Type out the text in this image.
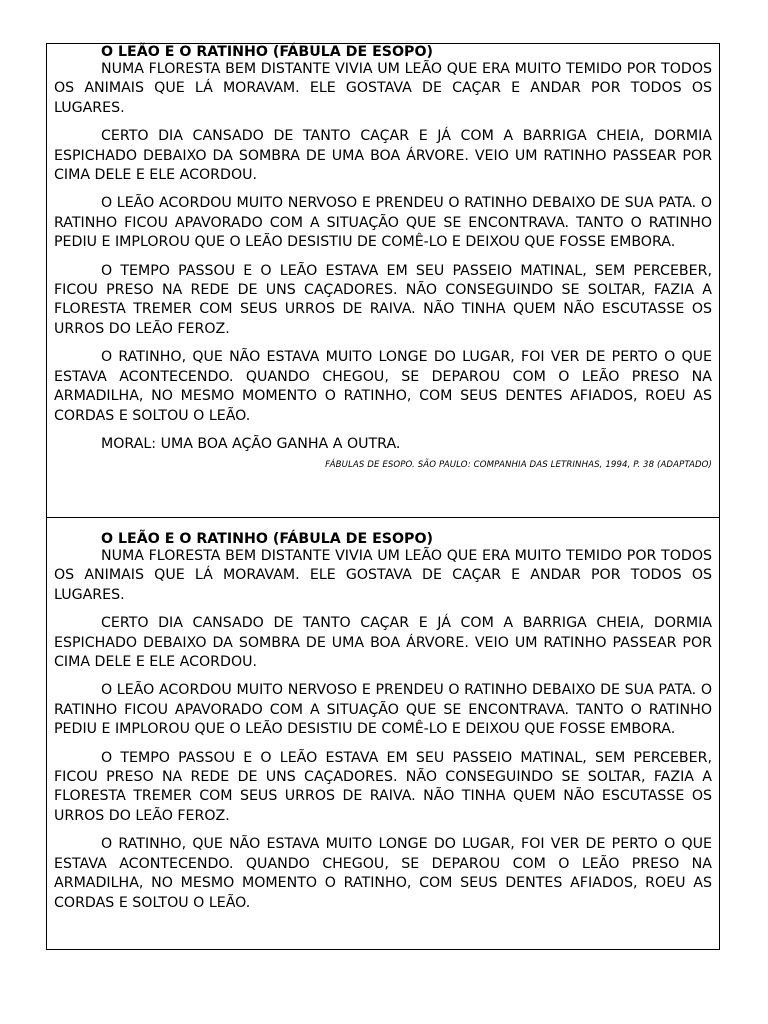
O LEÃO E O RATINHO (FÁBULA DE ESOPO)

NUMA FLORESTA BEM DISTANTE VIVIA UM LEÃO QUE ERA MUITO TEMIDO POR TODOS OS ANIMAIS QUE LÁ MORAVAM. ELE GOSTAVA DE CAÇAR E ANDAR POR TODOS OS LUGARES.

CERTO DIA CANSADO DE TANTO CAÇAR E JÁ COM A BARRIGA CHEIA, DORMIA ESPICHADO DEBAIXO DA SOMBRA DE UMA BOA ÁRVORE. VEIO UM RATINHO PASSEAR POR CIMA DELE E ELE ACORDOU.

O LEÃO ACORDOU MUITO NERVOSO E PRENDEU O RATINHO DEBAIXO DE SUA PATA. O RATINHO FICOU APAVORADO COM A SITUAÇÃO QUE SE ENCONTRAVA. TANTO O RATINHO PEDIU E IMPLOROU QUE O LEÃO DESISTIU DE COMÊ-LO E DEIXOU QUE FOSSE EMBORA.

O TEMPO PASSOU E O LEÃO ESTAVA EM SEU PASSEIO MATINAL, SEM PERCEBER, FICOU PRESO NA REDE DE UNS CAÇADORES. NÃO CONSEGUINDO SE SOLTAR, FAZIA A FLORESTA TREMER COM SEUS URROS DE RAIVA. NÃO TINHA QUEM NÃO ESCUTASSE OS URROS DO LEÃO FEROZ.

O RATINHO, QUE NÃO ESTAVA MUITO LONGE DO LUGAR, FOI VER DE PERTO O QUE ESTAVA ACONTECENDO. QUANDO CHEGOU, SE DEPAROU COM O LEÃO PRESO NA ARMADILHA, NO MESMO MOMENTO O RATINHO, COM SEUS DENTES AFIADOS, ROEU AS CORDAS E SOLTOU O LEÃO.

MORAL: UMA BOA AÇÃO GANHA A OUTRA.

FÁBULAS DE ESOPO. SÃO PAULO: COMPANHIA DAS LETRINHAS, 1994, P. 38 (ADAPTADO)

O LEÃO E O RATINHO (FÁBULA DE ESOPO)

NUMA FLORESTA BEM DISTANTE VIVIA UM LEÃO QUE ERA MUITO TEMIDO POR TODOS OS ANIMAIS QUE LÁ MORAVAM. ELE GOSTAVA DE CAÇAR E ANDAR POR TODOS OS LUGARES.

CERTO DIA CANSADO DE TANTO CAÇAR E JÁ COM A BARRIGA CHEIA, DORMIA ESPICHADO DEBAIXO DA SOMBRA DE UMA BOA ÁRVORE. VEIO UM RATINHO PASSEAR POR CIMA DELE E ELE ACORDOU.

O LEÃO ACORDOU MUITO NERVOSO E PRENDEU O RATINHO DEBAIXO DE SUA PATA. O RATINHO FICOU APAVORADO COM A SITUAÇÃO QUE SE ENCONTRAVA. TANTO O RATINHO PEDIU E IMPLOROU QUE O LEÃO DESISTIU DE COMÊ-LO E DEIXOU QUE FOSSE EMBORA.

O TEMPO PASSOU E O LEÃO ESTAVA EM SEU PASSEIO MATINAL, SEM PERCEBER, FICOU PRESO NA REDE DE UNS CAÇADORES. NÃO CONSEGUINDO SE SOLTAR, FAZIA A FLORESTA TREMER COM SEUS URROS DE RAIVA. NÃO TINHA QUEM NÃO ESCUTASSE OS URROS DO LEÃO FEROZ.

O RATINHO, QUE NÃO ESTAVA MUITO LONGE DO LUGAR, FOI VER DE PERTO O QUE ESTAVA ACONTECENDO. QUANDO CHEGOU, SE DEPAROU COM O LEÃO PRESO NA ARMADILHA, NO MESMO MOMENTO O RATINHO, COM SEUS DENTES AFIADOS, ROEU AS CORDAS E SOLTOU O LEÃO.
